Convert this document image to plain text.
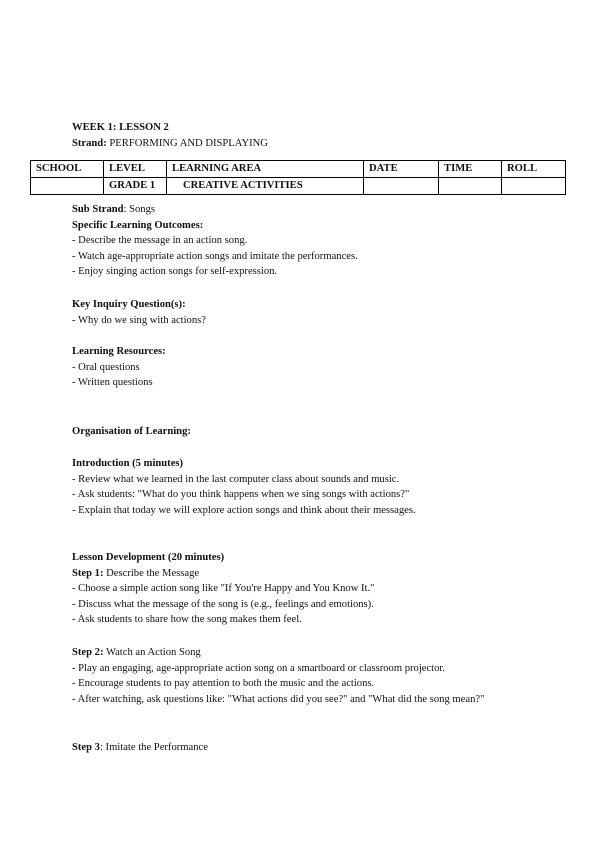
WEEK 1: LESSON 2

Strand: PERFORMING AND DISPLAYING

SCHOOL	LEVEL	LEARNING AREA	DATE	TIME	ROLL
	GRADE 1	CREATIVE ACTIVITIES			

Sub Strand: Songs

Specific Learning Outcomes:

- Describe the message in an action song.

- Watch age-appropriate action songs and imitate the performances.

- Enjoy singing action songs for self-expression.

Key Inquiry Question(s):

- Why do we sing with actions?

Learning Resources:

- Oral questions

- Written questions

Organisation of Learning:

Introduction (5 minutes)

- Review what we learned in the last computer class about sounds and music.

- Ask students: "What do you think happens when we sing songs with actions?"

- Explain that today we will explore action songs and think about their messages.

Lesson Development (20 minutes)

Step 1: Describe the Message

- Choose a simple action song like "If You're Happy and You Know It."

- Discuss what the message of the song is (e.g., feelings and emotions).

- Ask students to share how the song makes them feel.

Step 2: Watch an Action Song

- Play an engaging, age-appropriate action song on a smartboard or classroom projector.

- Encourage students to pay attention to both the music and the actions.

- After watching, ask questions like: "What actions did you see?" and "What did the song mean?"

Step 3: Imitate the Performance
